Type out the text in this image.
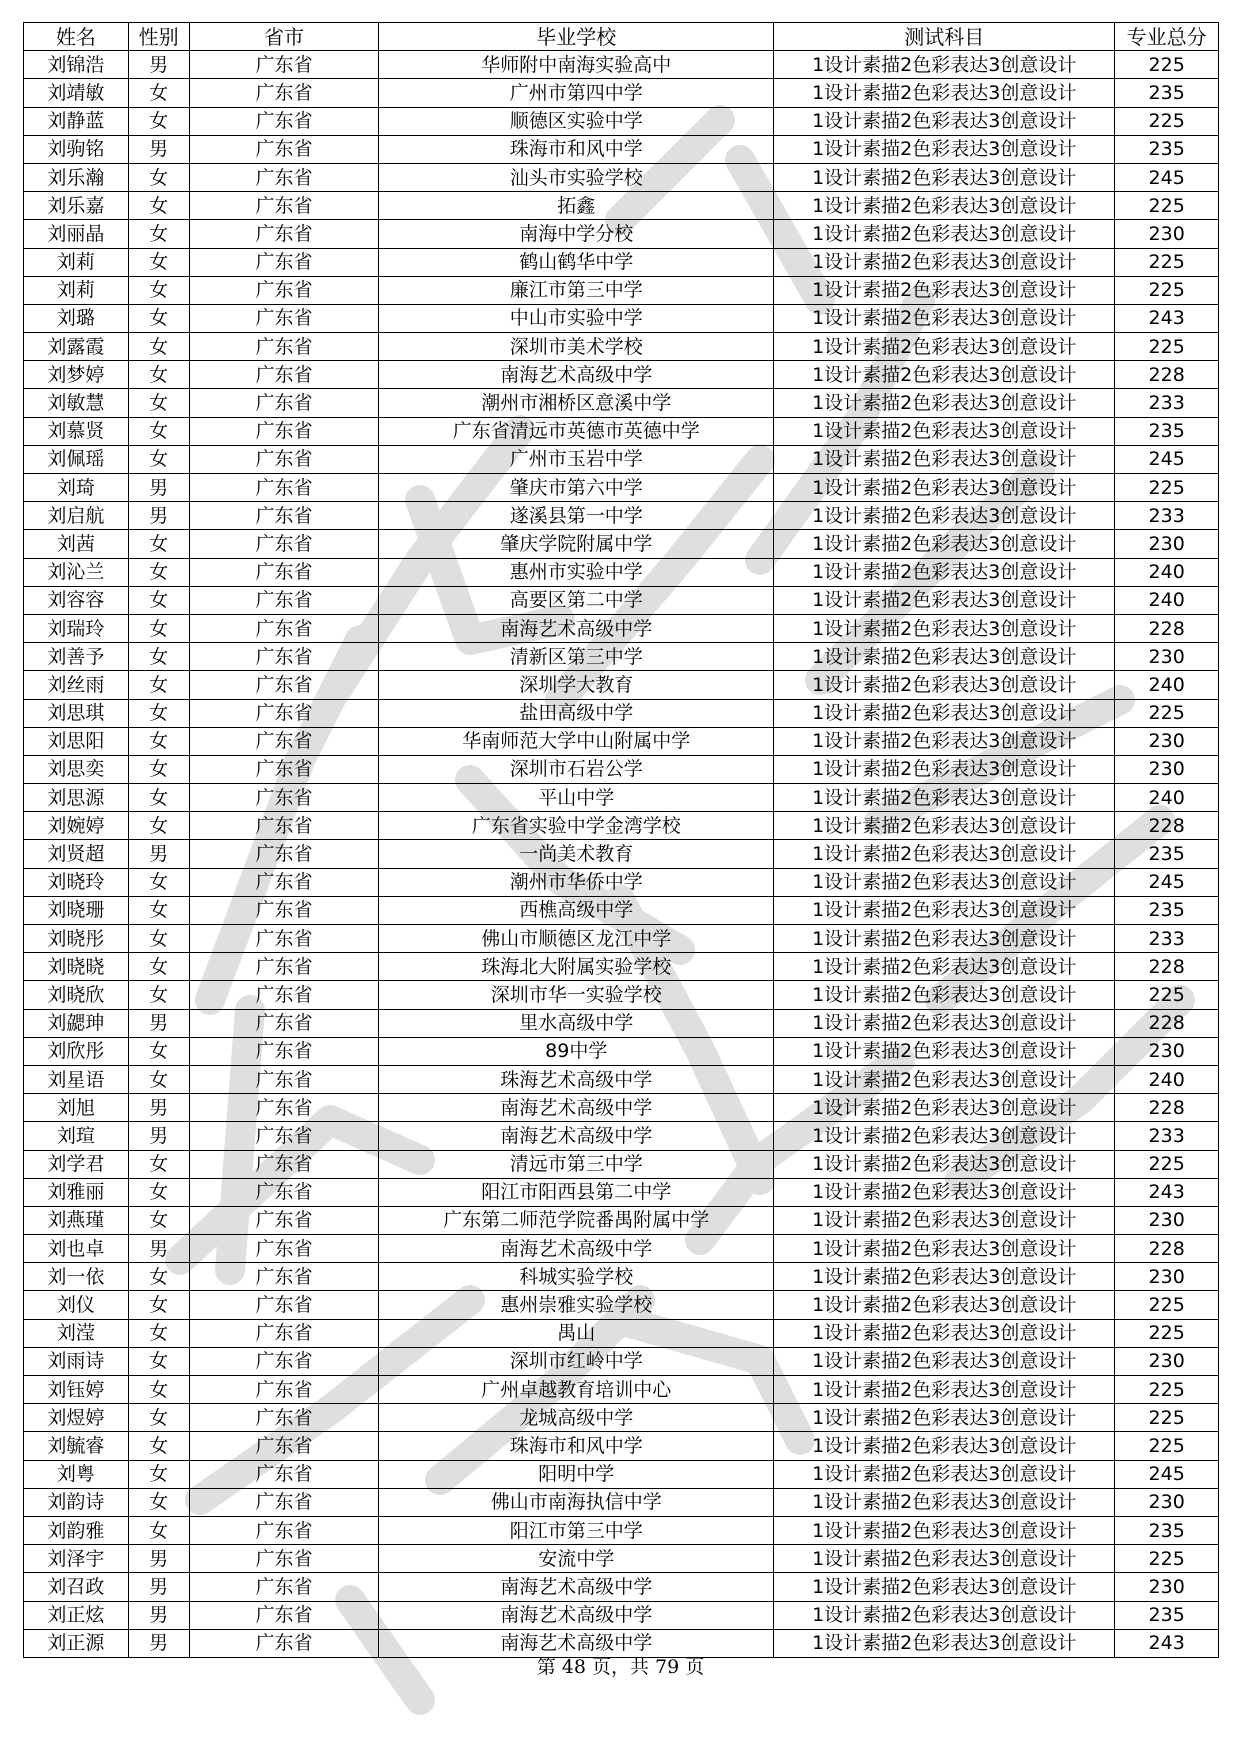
姓名	性别	省市	毕业学校	测试科目	专业总分
刘锦浩	男	广东省	华师附中南海实验高中	1设计素描2色彩表达3创意设计	225
刘靖敏	女	广东省	广州市第四中学	1设计素描2色彩表达3创意设计	235
刘静蓝	女	广东省	顺德区实验中学	1设计素描2色彩表达3创意设计	225
刘驹铭	男	广东省	珠海市和风中学	1设计素描2色彩表达3创意设计	235
刘乐瀚	女	广东省	汕头市实验学校	1设计素描2色彩表达3创意设计	245
刘乐嘉	女	广东省	拓鑫	1设计素描2色彩表达3创意设计	225
刘丽晶	女	广东省	南海中学分校	1设计素描2色彩表达3创意设计	230
刘莉	女	广东省	鹤山鹤华中学	1设计素描2色彩表达3创意设计	225
刘莉	女	广东省	廉江市第三中学	1设计素描2色彩表达3创意设计	225
刘璐	女	广东省	中山市实验中学	1设计素描2色彩表达3创意设计	243
刘露霞	女	广东省	深圳市美术学校	1设计素描2色彩表达3创意设计	225
刘梦婷	女	广东省	南海艺术高级中学	1设计素描2色彩表达3创意设计	228
刘敏慧	女	广东省	潮州市湘桥区意溪中学	1设计素描2色彩表达3创意设计	233
刘慕贤	女	广东省	广东省清远市英德市英德中学	1设计素描2色彩表达3创意设计	235
刘佩瑶	女	广东省	广州市玉岩中学	1设计素描2色彩表达3创意设计	245
刘琦	男	广东省	肇庆市第六中学	1设计素描2色彩表达3创意设计	225
刘启航	男	广东省	遂溪县第一中学	1设计素描2色彩表达3创意设计	233
刘茜	女	广东省	肇庆学院附属中学	1设计素描2色彩表达3创意设计	230
刘沁兰	女	广东省	惠州市实验中学	1设计素描2色彩表达3创意设计	240
刘容容	女	广东省	高要区第二中学	1设计素描2色彩表达3创意设计	240
刘瑞玲	女	广东省	南海艺术高级中学	1设计素描2色彩表达3创意设计	228
刘善予	女	广东省	清新区第三中学	1设计素描2色彩表达3创意设计	230
刘丝雨	女	广东省	深圳学大教育	1设计素描2色彩表达3创意设计	240
刘思琪	女	广东省	盐田高级中学	1设计素描2色彩表达3创意设计	225
刘思阳	女	广东省	华南师范大学中山附属中学	1设计素描2色彩表达3创意设计	230
刘思奕	女	广东省	深圳市石岩公学	1设计素描2色彩表达3创意设计	230
刘思源	女	广东省	平山中学	1设计素描2色彩表达3创意设计	240
刘婉婷	女	广东省	广东省实验中学金湾学校	1设计素描2色彩表达3创意设计	228
刘贤超	男	广东省	一尚美术教育	1设计素描2色彩表达3创意设计	235
刘晓玲	女	广东省	潮州市华侨中学	1设计素描2色彩表达3创意设计	245
刘晓珊	女	广东省	西樵高级中学	1设计素描2色彩表达3创意设计	235
刘晓彤	女	广东省	佛山市顺德区龙江中学	1设计素描2色彩表达3创意设计	233
刘晓晓	女	广东省	珠海北大附属实验学校	1设计素描2色彩表达3创意设计	228
刘晓欣	女	广东省	深圳市华一实验学校	1设计素描2色彩表达3创意设计	225
刘勰珅	男	广东省	里水高级中学	1设计素描2色彩表达3创意设计	228
刘欣彤	女	广东省	89中学	1设计素描2色彩表达3创意设计	230
刘星语	女	广东省	珠海艺术高级中学	1设计素描2色彩表达3创意设计	240
刘旭	男	广东省	南海艺术高级中学	1设计素描2色彩表达3创意设计	228
刘瑄	男	广东省	南海艺术高级中学	1设计素描2色彩表达3创意设计	233
刘学君	女	广东省	清远市第三中学	1设计素描2色彩表达3创意设计	225
刘雅丽	女	广东省	阳江市阳西县第二中学	1设计素描2色彩表达3创意设计	243
刘燕瑾	女	广东省	广东第二师范学院番禺附属中学	1设计素描2色彩表达3创意设计	230
刘也卓	男	广东省	南海艺术高级中学	1设计素描2色彩表达3创意设计	228
刘一依	女	广东省	科城实验学校	1设计素描2色彩表达3创意设计	230
刘仪	女	广东省	惠州崇雅实验学校	1设计素描2色彩表达3创意设计	225
刘滢	女	广东省	禺山	1设计素描2色彩表达3创意设计	225
刘雨诗	女	广东省	深圳市红岭中学	1设计素描2色彩表达3创意设计	230
刘钰婷	女	广东省	广州卓越教育培训中心	1设计素描2色彩表达3创意设计	225
刘煜婷	女	广东省	龙城高级中学	1设计素描2色彩表达3创意设计	225
刘毓睿	女	广东省	珠海市和风中学	1设计素描2色彩表达3创意设计	225
刘粤	女	广东省	阳明中学	1设计素描2色彩表达3创意设计	245
刘韵诗	女	广东省	佛山市南海执信中学	1设计素描2色彩表达3创意设计	230
刘韵雅	女	广东省	阳江市第三中学	1设计素描2色彩表达3创意设计	235
刘泽宇	男	广东省	安流中学	1设计素描2色彩表达3创意设计	225
刘召政	男	广东省	南海艺术高级中学	1设计素描2色彩表达3创意设计	230
刘正炫	男	广东省	南海艺术高级中学	1设计素描2色彩表达3创意设计	235
刘正源	男	广东省	南海艺术高级中学	1设计素描2色彩表达3创意设计	243
第 48 页，共 79 页
